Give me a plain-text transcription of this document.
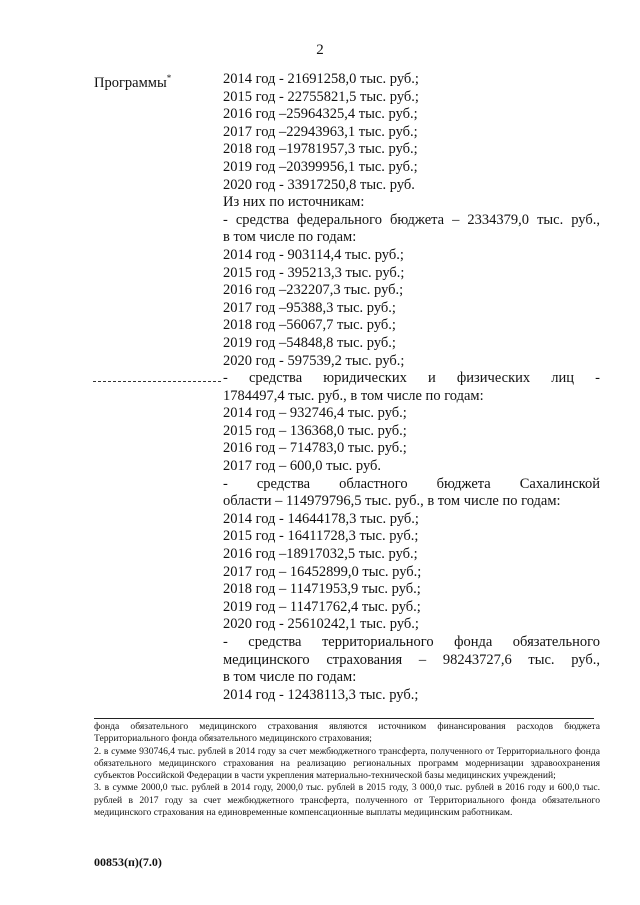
2
Программы*	2014 год - 21691258,0 тыс. руб.;
2015 год - 22755821,5 тыс. руб.;
2016 год –25964325,4 тыс. руб.;
2017 год –22943963,1 тыс. руб.;
2018 год –19781957,3 тыс. руб.;
2019 год –20399956,1 тыс. руб.;
2020 год - 33917250,8 тыс. руб.
Из них по источникам:
- средства федерального бюджета – 2334379,0 тыс. руб.,
в том числе по годам:
2014 год - 903114,4 тыс. руб.;
2015 год - 395213,3 тыс. руб.;
2016 год –232207,3 тыс. руб.;
2017 год –95388,3 тыс. руб.;
2018 год –56067,7 тыс. руб.;
2019 год –54848,8 тыс. руб.;
2020 год - 597539,2 тыс. руб.;
- средства юридических и физических лиц -
1784497,4 тыс. руб., в том числе по годам:
2014 год – 932746,4 тыс. руб.;
2015 год – 136368,0 тыс. руб.;
2016 год – 714783,0 тыс. руб.;
2017 год – 600,0 тыс. руб.
- средства областного бюджета Сахалинской
области – 114979796,5 тыс. руб., в том числе по годам:
2014 год - 14644178,3 тыс. руб.;
2015 год - 16411728,3 тыс. руб.;
2016 год –18917032,5 тыс. руб.;
2017 год – 16452899,0 тыс. руб.;
2018 год – 11471953,9 тыс. руб.;
2019 год – 11471762,4 тыс. руб.;
2020 год - 25610242,1 тыс. руб.;
- средства территориального фонда обязательного
медицинского страхования – 98243727,6 тыс. руб.,
в том числе по годам:
2014 год - 12438113,3 тыс. руб.;

фонда обязательного медицинского страхования являются источником финансирования расходов бюджета Территориального фонда обязательного медицинского страхования;

2. в сумме 930746,4 тыс. рублей в 2014 году за счет межбюджетного трансферта, полученного от Территориального фонда обязательного медицинского страхования на реализацию региональных программ модернизации здравоохранения субъектов Российской Федерации в части укрепления материально-технической базы медицинских учреждений;

3. в сумме 2000,0 тыс. рублей в 2014 году, 2000,0 тыс. рублей в 2015 году, 3 000,0 тыс. рублей в 2016 году и 600,0 тыс. рублей в 2017 году за счет межбюджетного трансферта, полученного от Территориального фонда обязательного медицинского страхования на единовременные компенсационные выплаты медицинским работникам.

00853(п)(7.0)
